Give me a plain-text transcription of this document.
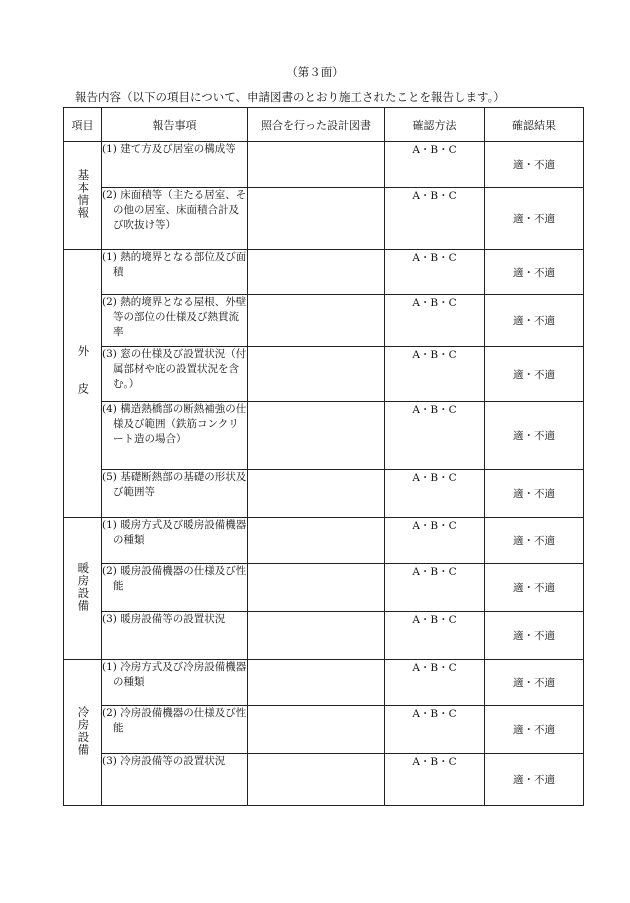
（第３面）
報告内容（以下の項目について、申請図書のとおり施工されたことを報告します。）
項目	報告事項	照合を行った設計図書	確認方法	確認結果
基本情報	(1) 建て方及び居室の構成等		A・B・C	適・不適

	(2) 床面積等（主たる居室、その他の居室、床面積合計及び吹抜け等）		A・B・C	適・不適
外皮	(1) 熱的境界となる部位及び面積		A・B・C	適・不適

	(2) 熱的境界となる屋根、外壁等の部位の仕様及び熱貫流率		A・B・C	適・不適

	(3) 窓の仕様及び設置状況（付属部材や庇の設置状況を含む。）		A・B・C	適・不適

	(4) 構造熱橋部の断熱補強の仕様及び範囲（鉄筋コンクリート造の場合）		A・B・C	適・不適

	(5) 基礎断熱部の基礎の形状及び範囲等		A・B・C	適・不適
暖房設備	(1) 暖房方式及び暖房設備機器の種類		A・B・C	適・不適

	(2) 暖房設備機器の仕様及び性能		A・B・C	適・不適

	(3) 暖房設備等の設置状況		A・B・C	適・不適
冷房設備	(1) 冷房方式及び冷房設備機器の種類		A・B・C	適・不適

	(2) 冷房設備機器の仕様及び性能		A・B・C	適・不適

	(3) 冷房設備等の設置状況		A・B・C	適・不適
